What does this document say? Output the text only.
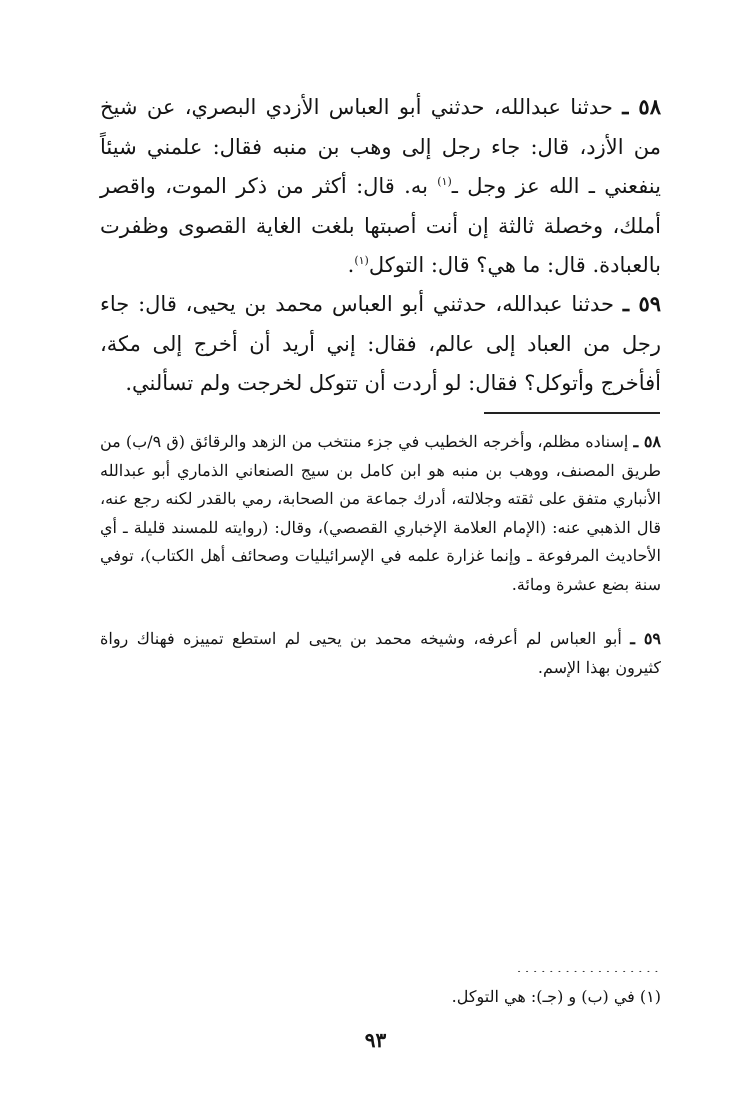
٥٨ ـ حدثنا عبدالله، حدثني أبو العباس الأزدي البصري، عن شيخ من الأزد، قال: جاء رجل إلى وهب بن منبه فقال: علمني شيئاً ينفعني ـ الله عز وجل ـ$^{(١)}$ به. قال: أكثر من ذكر الموت، واقصر أملك، وخصلة ثالثة إن أنت أصبتها بلغت الغاية القصوى وظفرت بالعبادة. قال: ما هي؟ قال: التوكل$^{(١)}$.
٥٩ ـ حدثنا عبدالله، حدثني أبو العباس محمد بن يحيى، قال: جاء رجل من العباد إلى عالم، فقال: إني أريد أن أخرج إلى مكة، أفأخرج وأتوكل؟ فقال: لو أردت أن تتوكل لخرجت ولم تسألني.
٥٨ ـ إسناده مظلم، وأخرجه الخطيب في جزء منتخب من الزهد والرقائق (ق ٩/ب) من طريق المصنف، ووهب بن منبه هو ابن كامل بن سيج الصنعاني الذماري أبو عبدالله الأنباري متفق على ثقته وجلالته، أدرك جماعة من الصحابة، رمي بالقدر لكنه رجع عنه، قال الذهبي عنه: (الإمام العلامة الإخباري القصصي)، وقال: (روايته للمسند قليلة ـ أي الأحاديث المرفوعة ـ وإنما غزارة علمه في الإسرائيليات وصحائف أهل الكتاب)، توفي سنة بضع عشرة ومائة.
٥٩ ـ أبو العباس لم أعرفه، وشيخه محمد بن يحيى لم استطع تمييزه فهناك رواة كثيرون بهذا الإسم.
..................
(١) في (ب) و (جـ): هي التوكل.
٩٣
